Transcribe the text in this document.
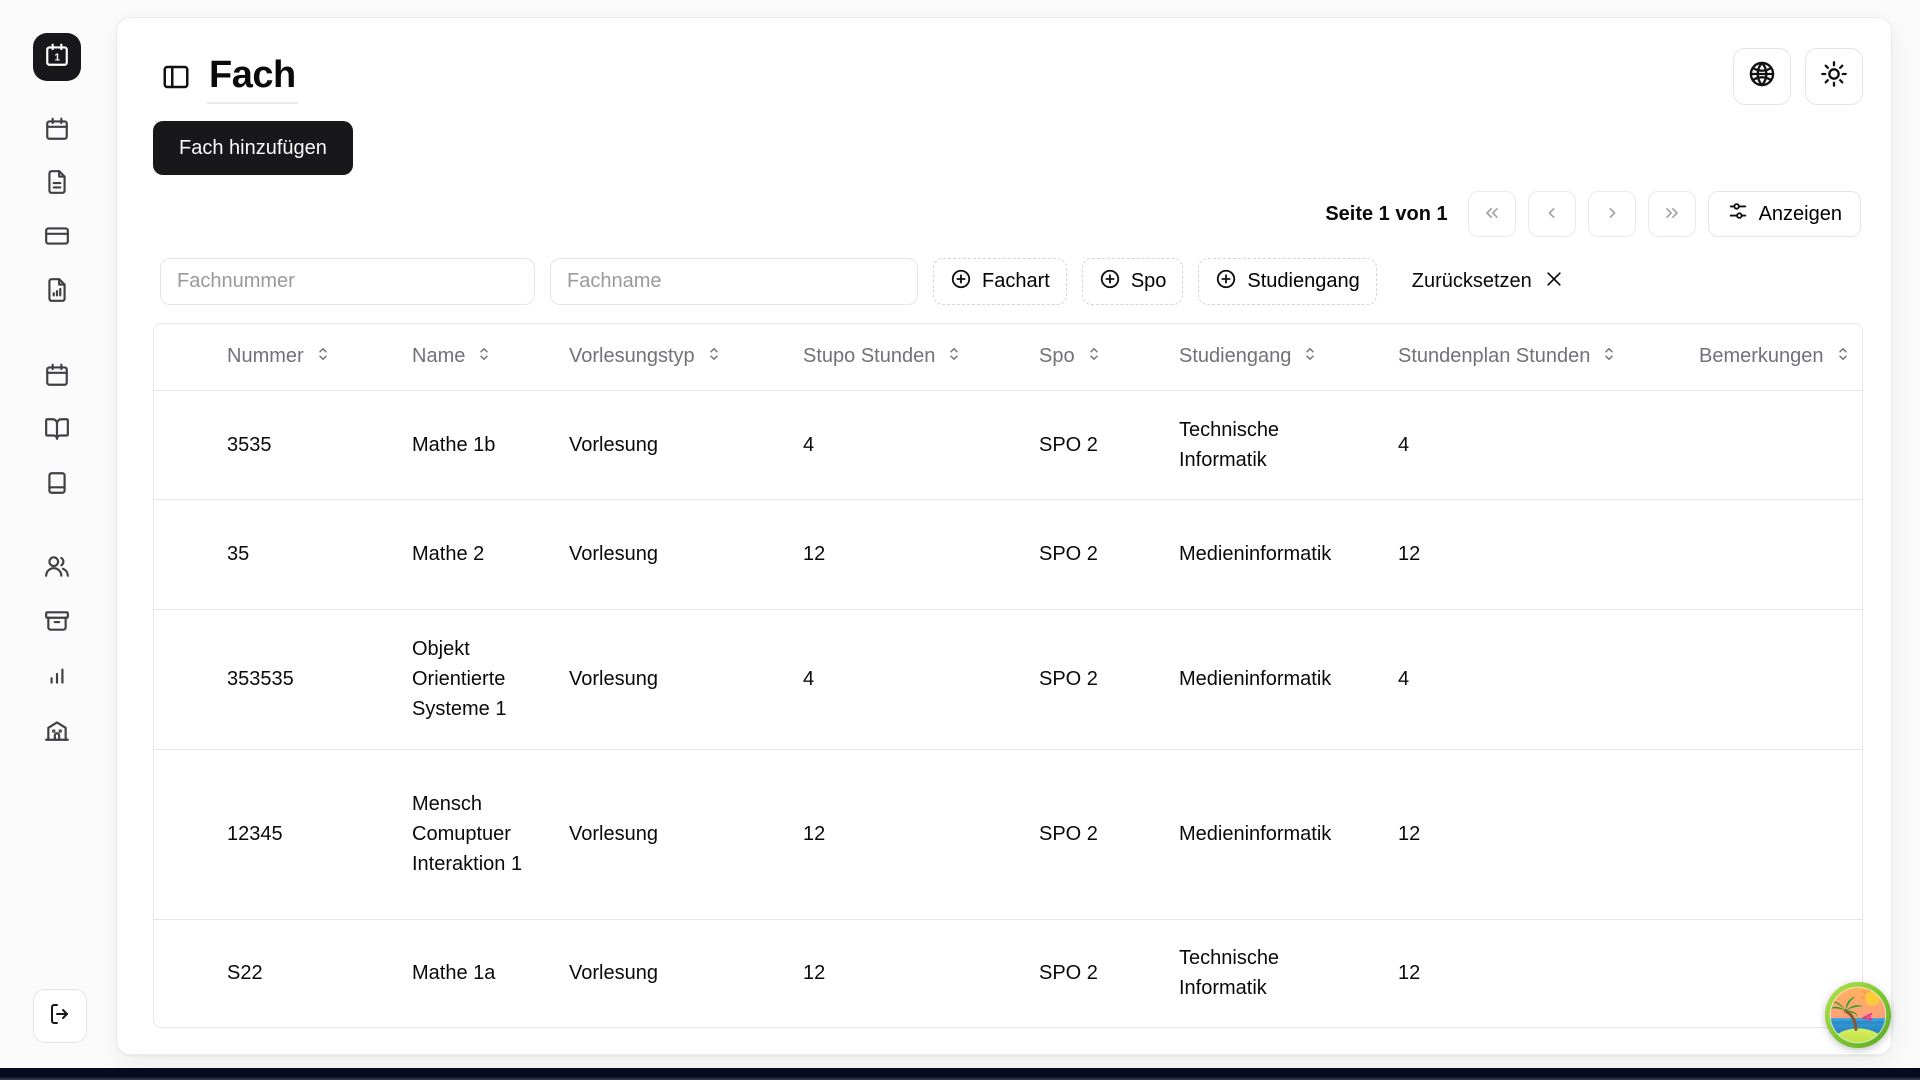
1	Fach
Fach hinzufügen
Seite 1 von 1	Anzeigen
Fachnummer
Fachname
Fachart	Spo	Studiengang	Zurücksetzen
Nummer	Name	Vorlesungstyp	Stupo Stunden	Spo	Studiengang	Stundenplan Stunden	Bemerkungen

3535	Mathe 1b	Vorlesung	4	SPO 2	Technische Informatik	4	
35	Mathe 2	Vorlesung	12	SPO 2	Medieninformatik	12	
353535	Objekt Orientierte Systeme 1	Vorlesung	4	SPO 2	Medieninformatik	4	
12345	Mensch Comuptuer Interaktion 1	Vorlesung	12	SPO 2	Medieninformatik	12	
S22	Mathe 1a	Vorlesung	12	SPO 2	Technische Informatik	12	
